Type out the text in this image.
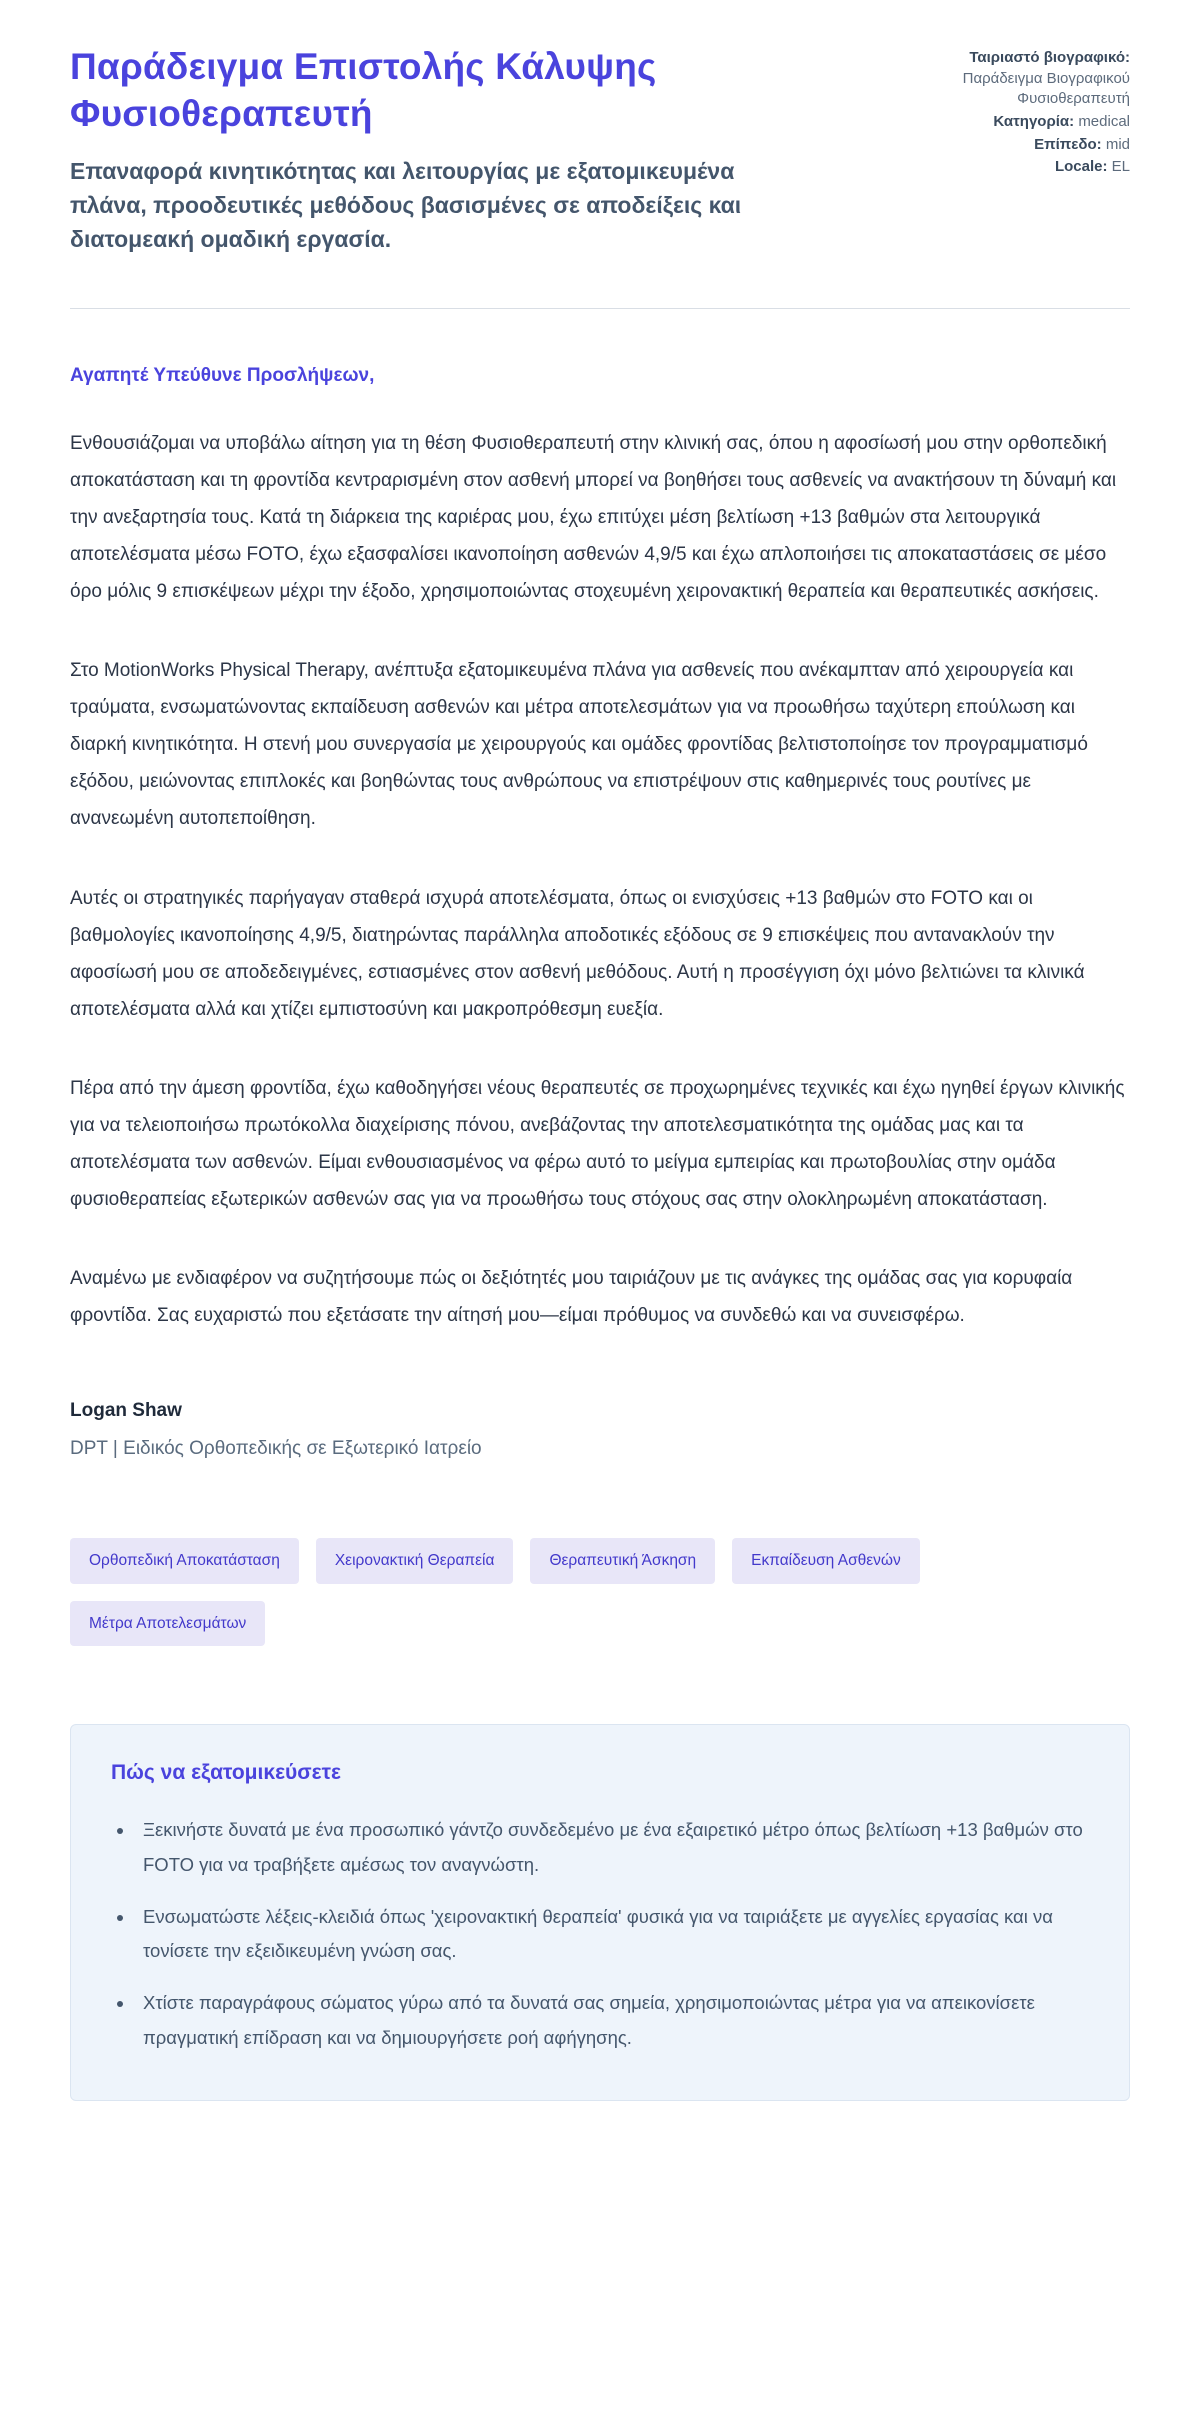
Παράδειγμα Επιστολής Κάλυψης Φυσιοθεραπευτή

Επαναφορά κινητικότητας και λειτουργίας με εξατομικευμένα πλάνα, προοδευτικές μεθόδους βασισμένες σε αποδείξεις και διατομεακή ομαδική εργασία.

Ταιριαστό βιογραφικό:
Παράδειγμα Βιογραφικού Φυσιοθεραπευτή
Κατηγορία: medical
Επίπεδο: mid
Locale: EL

Αγαπητέ Υπεύθυνε Προσλήψεων,

Ενθουσιάζομαι να υποβάλω αίτηση για τη θέση Φυσιοθεραπευτή στην κλινική σας, όπου η αφοσίωσή μου στην ορθοπεδική αποκατάσταση και τη φροντίδα κεντραρισμένη στον ασθενή μπορεί να βοηθήσει τους ασθενείς να ανακτήσουν τη δύναμή και την ανεξαρτησία τους. Κατά τη διάρκεια της καριέρας μου, έχω επιτύχει μέση βελτίωση +13 βαθμών στα λειτουργικά αποτελέσματα μέσω FOTO, έχω εξασφαλίσει ικανοποίηση ασθενών 4,9/5 και έχω απλοποιήσει τις αποκαταστάσεις σε μέσο όρο μόλις 9 επισκέψεων μέχρι την έξοδο, χρησιμοποιώντας στοχευμένη χειρονακτική θεραπεία και θεραπευτικές ασκήσεις.

Στο MotionWorks Physical Therapy, ανέπτυξα εξατομικευμένα πλάνα για ασθενείς που ανέκαμπταν από χειρουργεία και τραύματα, ενσωματώνοντας εκπαίδευση ασθενών και μέτρα αποτελεσμάτων για να προωθήσω ταχύτερη επούλωση και διαρκή κινητικότητα. Η στενή μου συνεργασία με χειρουργούς και ομάδες φροντίδας βελτιστοποίησε τον προγραμματισμό εξόδου, μειώνοντας επιπλοκές και βοηθώντας τους ανθρώπους να επιστρέψουν στις καθημερινές τους ρουτίνες με ανανεωμένη αυτοπεποίθηση.

Αυτές οι στρατηγικές παρήγαγαν σταθερά ισχυρά αποτελέσματα, όπως οι ενισχύσεις +13 βαθμών στο FOTO και οι βαθμολογίες ικανοποίησης 4,9/5, διατηρώντας παράλληλα αποδοτικές εξόδους σε 9 επισκέψεις που αντανακλούν την αφοσίωσή μου σε αποδεδειγμένες, εστιασμένες στον ασθενή μεθόδους. Αυτή η προσέγγιση όχι μόνο βελτιώνει τα κλινικά αποτελέσματα αλλά και χτίζει εμπιστοσύνη και μακροπρόθεσμη ευεξία.

Πέρα από την άμεση φροντίδα, έχω καθοδηγήσει νέους θεραπευτές σε προχωρημένες τεχνικές και έχω ηγηθεί έργων κλινικής για να τελειοποιήσω πρωτόκολλα διαχείρισης πόνου, ανεβάζοντας την αποτελεσματικότητα της ομάδας μας και τα αποτελέσματα των ασθενών. Είμαι ενθουσιασμένος να φέρω αυτό το μείγμα εμπειρίας και πρωτοβουλίας στην ομάδα φυσιοθεραπείας εξωτερικών ασθενών σας για να προωθήσω τους στόχους σας στην ολοκληρωμένη αποκατάσταση.

Αναμένω με ενδιαφέρον να συζητήσουμε πώς οι δεξιότητές μου ταιριάζουν με τις ανάγκες της ομάδας σας για κορυφαία φροντίδα. Σας ευχαριστώ που εξετάσατε την αίτησή μου—είμαι πρόθυμος να συνδεθώ και να συνεισφέρω.

Logan Shaw

DPT | Ειδικός Ορθοπεδικής σε Εξωτερικό Ιατρείο

Ορθοπεδική Αποκατάσταση	Χειρονακτική Θεραπεία	Θεραπευτική Άσκηση	Εκπαίδευση Ασθενών
Μέτρα Αποτελεσμάτων
Πώς να εξατομικεύσετε
• Ξεκινήστε δυνατά με ένα προσωπικό γάντζο συνδεδεμένο με ένα εξαιρετικό μέτρο όπως βελτίωση +13 βαθμών στο FOTO για να τραβήξετε αμέσως τον αναγνώστη.
• Ενσωματώστε λέξεις-κλειδιά όπως 'χειρονακτική θεραπεία' φυσικά για να ταιριάξετε με αγγελίες εργασίας και να τονίσετε την εξειδικευμένη γνώση σας.
• Χτίστε παραγράφους σώματος γύρω από τα δυνατά σας σημεία, χρησιμοποιώντας μέτρα για να απεικονίσετε πραγματική επίδραση και να δημιουργήσετε ροή αφήγησης.
